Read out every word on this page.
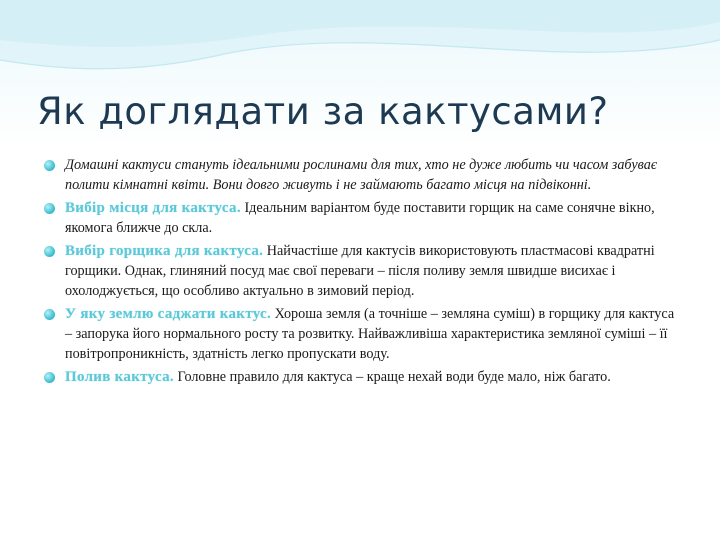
Як доглядати за кактусами?
Домашні кактуси стануть ідеальними рослинами для тих, хто не дуже любить чи часом забуває полити кімнатні квіти. Вони довго живуть і не займають багато місця на підвіконні.
Вибір місця для кактуса. Ідеальним варіантом буде поставити горщик на саме сонячне вікно, якомога ближче до скла.
Вибір горщика для кактуса. Найчастіше для кактусів використовують пластмасові квадратні горщики. Однак, глиняний посуд має свої переваги – після поливу земля швидше висихає і охолоджується, що особливо актуально в зимовий період.
У яку землю саджати кактус. Хороша земля (а точніше – земляна суміш) в горщику для кактуса – запорука його нормального росту та розвитку. Найважливіша характеристика земляної суміші – її повітропроникність, здатність легко пропускати воду.
Полив кактуса. Головне правило для кактуса – краще нехай води буде мало, ніж багато.
